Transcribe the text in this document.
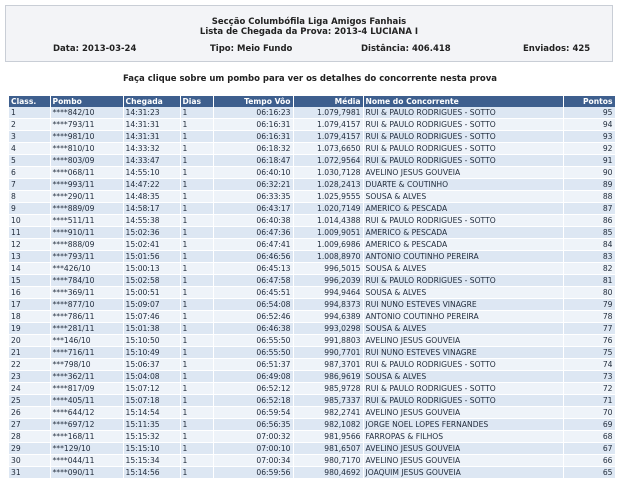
Secção Columbófila Liga Amigos Fanhais
Lista de Chegada da Prova: 2013-4 LUCIANA I
Data: 2013-03-24	Tipo: Meio Fundo	Distância: 406.418	Enviados: 425
Faça clique sobre um pombo para ver os detalhes do concorrente nesta prova
Class.	Pombo	Chegada	Dias	Tempo Vôo	Média	Nome do Concorrente	Pontos
1	****842/10	14:31:23	1	06:16:23	1.079,7981	RUI & PAULO RODRIGUES - SOTTO	95
2	****793/11	14:31:31	1	06:16:31	1.079,4157	RUI & PAULO RODRIGUES - SOTTO	94
3	****981/10	14:31:31	1	06:16:31	1.079,4157	RUI & PAULO RODRIGUES - SOTTO	93
4	****810/10	14:33:32	1	06:18:32	1.073,6650	RUI & PAULO RODRIGUES - SOTTO	92
5	****803/09	14:33:47	1	06:18:47	1.072,9564	RUI & PAULO RODRIGUES - SOTTO	91
6	****068/11	14:55:10	1	06:40:10	1.030,7128	AVELINO JESUS GOUVEIA	90
7	****993/11	14:47:22	1	06:32:21	1.028,2413	DUARTE & COUTINHO	89
8	****290/11	14:48:35	1	06:33:35	1.025,9555	SOUSA & ALVES	88
9	****889/09	14:58:17	1	06:43:17	1.020,7149	AMERICO & PESCADA	87
10	****511/11	14:55:38	1	06:40:38	1.014,4388	RUI & PAULO RODRIGUES - SOTTO	86
11	****910/11	15:02:36	1	06:47:36	1.009,9051	AMERICO & PESCADA	85
12	****888/09	15:02:41	1	06:47:41	1.009,6986	AMERICO & PESCADA	84
13	****793/11	15:01:56	1	06:46:56	1.008,8970	ANTONIO COUTINHO PEREIRA	83
14	***426/10	15:00:13	1	06:45:13	996,5015	SOUSA & ALVES	82
15	****784/10	15:02:58	1	06:47:58	996,2039	RUI & PAULO RODRIGUES - SOTTO	81
16	****369/11	15:00:51	1	06:45:51	994,9464	SOUSA & ALVES	80
17	****877/10	15:09:07	1	06:54:08	994,8373	RUI NUNO ESTEVES VINAGRE	79
18	****786/11	15:07:46	1	06:52:46	994,6389	ANTONIO COUTINHO PEREIRA	78
19	****281/11	15:01:38	1	06:46:38	993,0298	SOUSA & ALVES	77
20	***146/10	15:10:50	1	06:55:50	991,8803	AVELINO JESUS GOUVEIA	76
21	****716/11	15:10:49	1	06:55:50	990,7701	RUI NUNO ESTEVES VINAGRE	75
22	***798/10	15:06:37	1	06:51:37	987,3701	RUI & PAULO RODRIGUES - SOTTO	74
23	****362/11	15:04:08	1	06:49:08	986,9619	SOUSA & ALVES	73
24	****817/09	15:07:12	1	06:52:12	985,9728	RUI & PAULO RODRIGUES - SOTTO	72
25	****405/11	15:07:18	1	06:52:18	985,7337	RUI & PAULO RODRIGUES - SOTTO	71
26	****644/12	15:14:54	1	06:59:54	982,2741	AVELINO JESUS GOUVEIA	70
27	****697/12	15:11:35	1	06:56:35	982,1082	JORGE NOEL LOPES FERNANDES	69
28	****168/11	15:15:32	1	07:00:32	981,9566	FARROPAS & FILHOS	68
29	***129/10	15:15:10	1	07:00:10	981,6507	AVELINO JESUS GOUVEIA	67
30	****044/11	15:15:34	1	07:00:34	980,7170	AVELINO JESUS GOUVEIA	66
31	****090/11	15:14:56	1	06:59:56	980,4692	JOAQUIM JESUS GOUVEIA	65
